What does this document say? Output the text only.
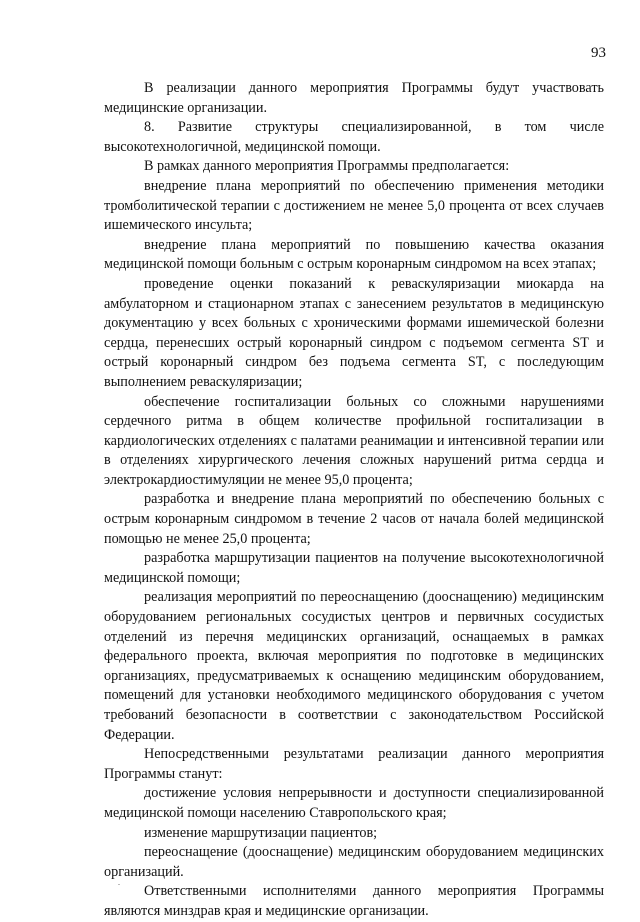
93

В реализации данного мероприятия Программы будут участвовать медицинские организации.

8. Развитие структуры специализированной, в том числе высокотехнологичной, медицинской помощи.

В рамках данного мероприятия Программы предполагается:

внедрение плана мероприятий по обеспечению применения методики тромболитической терапии с достижением не менее 5,0 процента от всех случаев ишемического инсульта;

внедрение плана мероприятий по повышению качества оказания медицинской помощи больным с острым коронарным синдромом на всех этапах;

проведение оценки показаний к реваскуляризации миокарда на амбулаторном и стационарном этапах с занесением результатов в медицинскую документацию у всех больных с хроническими формами ишемической болезни сердца, перенесших острый коронарный синдром с подъемом сегмента ST и острый коронарный синдром без подъема сегмента ST, с последующим выполнением реваскуляризации;

обеспечение госпитализации больных со сложными нарушениями сердечного ритма в общем количестве профильной госпитализации в кардиологических отделениях с палатами реанимации и интенсивной терапии или в отделениях хирургического лечения сложных нарушений ритма сердца и электрокардиостимуляции не менее 95,0 процента;

разработка и внедрение плана мероприятий по обеспечению больных с острым коронарным синдромом в течение 2 часов от начала болей медицинской помощью не менее 25,0 процента;

разработка маршрутизации пациентов на получение высокотехнологичной медицинской помощи;

реализация мероприятий по переоснащению (дооснащению) медицинским оборудованием региональных сосудистых центров и первичных сосудистых отделений из перечня медицинских организаций, оснащаемых в рамках федерального проекта, включая мероприятия по подготовке в медицинских организациях, предусматриваемых к оснащению медицинским оборудованием, помещений для установки необходимого медицинского оборудования с учетом требований безопасности в соответствии с законодательством Российской Федерации.

Непосредственными результатами реализации данного мероприятия Программы станут:

достижение условия непрерывности и доступности специализированной медицинской помощи населению Ставропольского края;

изменение маршрутизации пациентов;

переоснащение (дооснащение) медицинским оборудованием медицинских организаций.

Ответственными исполнителями данного мероприятия Программы являются минздрав края и медицинские организации.
